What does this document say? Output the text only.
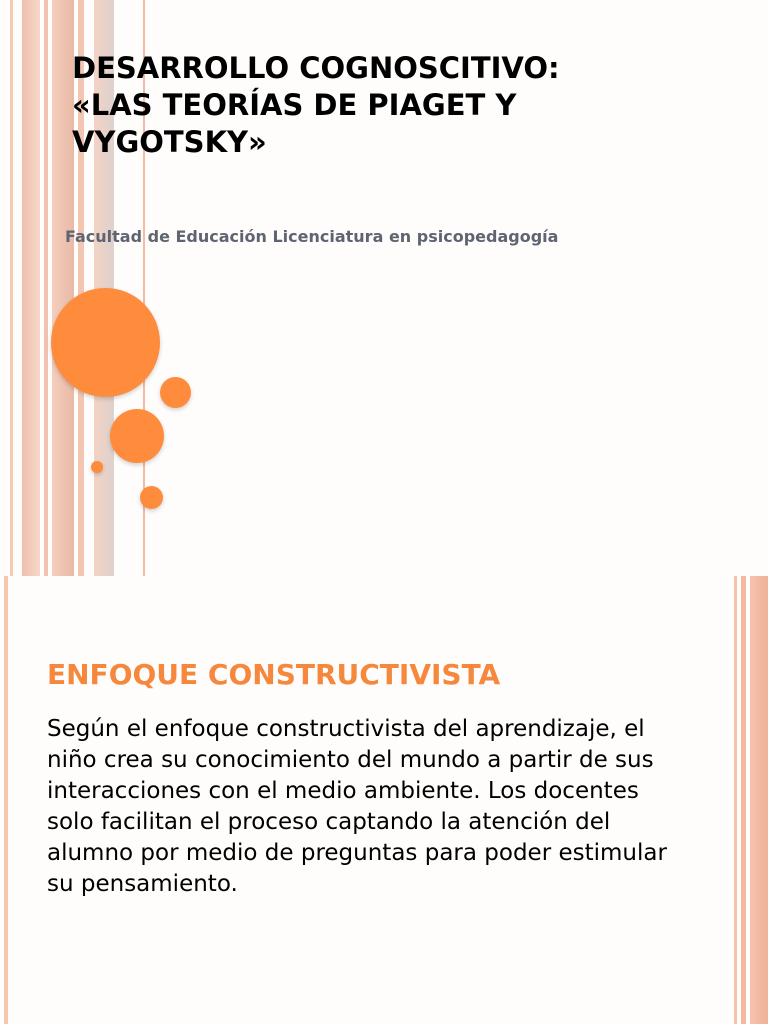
DESARROLLO COGNOSCITIVO:
«LAS TEORÍAS DE PIAGET Y
VYGOTSKY»

Facultad de Educación Licenciatura en psicopedagogía

ENFOQUE CONSTRUCTIVISTA

Según el enfoque constructivista del aprendizaje, el niño crea su conocimiento del mundo a partir de sus interacciones con el medio ambiente. Los docentes solo facilitan el proceso captando la atención del alumno por medio de preguntas para poder estimular su pensamiento.
